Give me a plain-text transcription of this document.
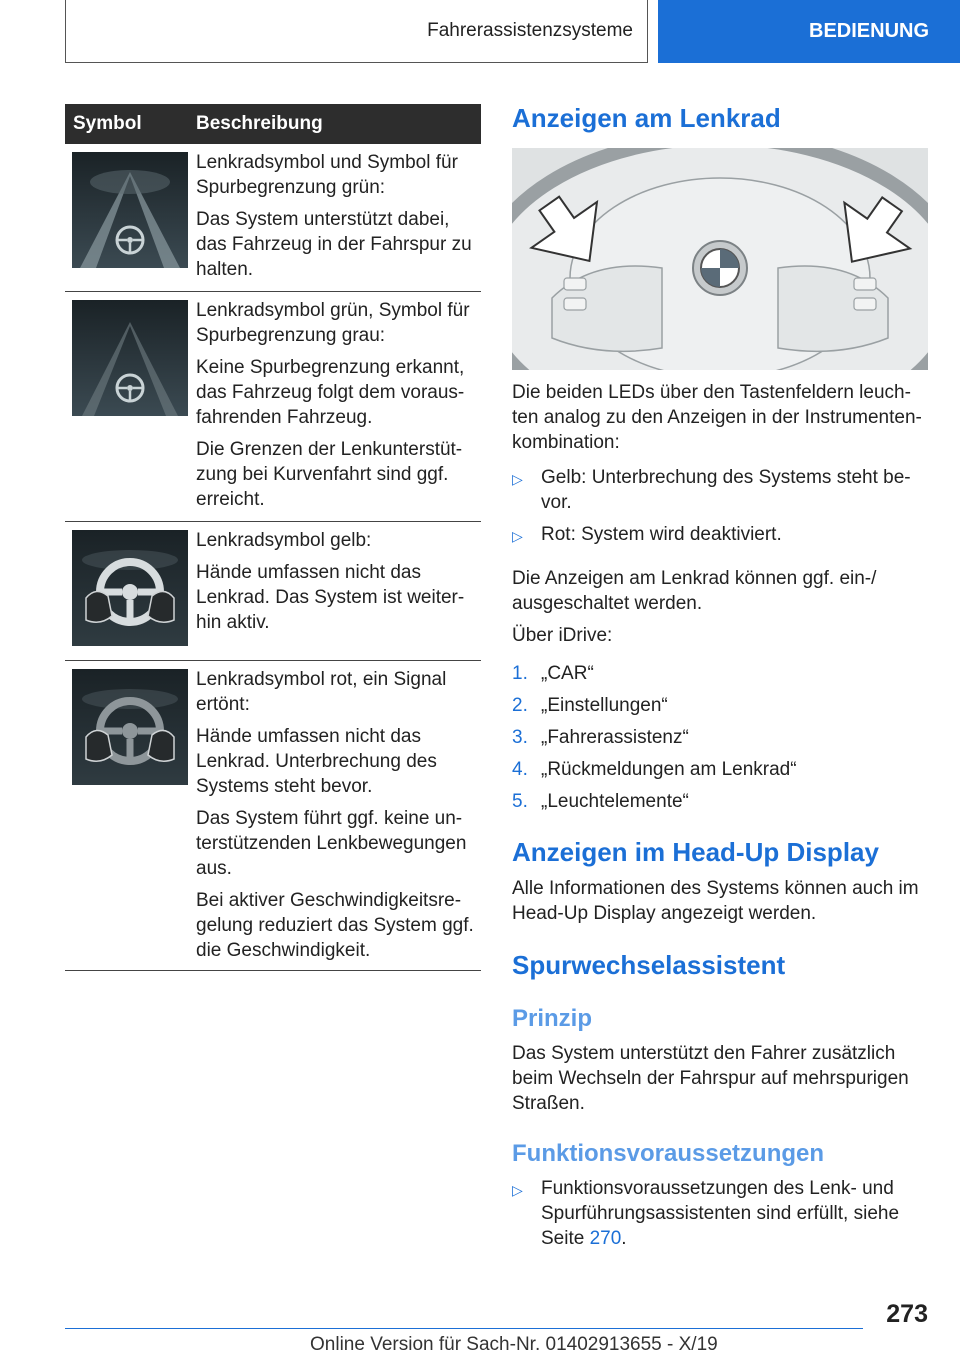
Fahrerassistenzsysteme	BEDIENUNG
Symbol	Beschreibung

Lenkradsymbol und Symbol für Spurbegrenzung grün:

Das System unterstützt dabei, das Fahrzeug in der Fahrspur zu halten.

Lenkradsymbol grün, Symbol für Spurbegrenzung grau:

Keine Spurbegrenzung erkannt, das Fahrzeug folgt dem voraus-fahrenden Fahrzeug.

Die Grenzen der Lenkunterstüt-zung bei Kurvenfahrt sind ggf. erreicht.

Lenkradsymbol gelb:

Hände umfassen nicht das Lenkrad. Das System ist weiter-hin aktiv.

Lenkradsymbol rot, ein Signal ertönt:

Hände umfassen nicht das Lenkrad. Unterbrechung des Systems steht bevor.

Das System führt ggf. keine un-terstützenden Lenkbewegungen aus.

Bei aktiver Geschwindigkeitsre-gelung reduziert das System ggf. die Geschwindigkeit.

Anzeigen am Lenkrad

Die beiden LEDs über den Tastenfeldern leuch-ten analog zu den Anzeigen in der Instrumenten-kombination:

▷ Gelb: Unterbrechung des Systems steht be-vor.
▷ Rot: System wird deaktiviert.

Die Anzeigen am Lenkrad können ggf. ein-/ ausgeschaltet werden.

Über iDrive:

1. „CAR“
2. „Einstellungen“
3. „Fahrerassistenz“
4. „Rückmeldungen am Lenkrad“
5. „Leuchtelemente“
Anzeigen im Head-Up Display

Alle Informationen des Systems können auch im Head-Up Display angezeigt werden.

Spurwechselassistent
Prinzip

Das System unterstützt den Fahrer zusätzlich beim Wechseln der Fahrspur auf mehrspurigen Straßen.

Funktionsvoraussetzungen
▷ Funktionsvoraussetzungen des Lenk- und Spurführungsassistenten sind erfüllt, siehe Seite 270.
273
Online Version für Sach-Nr. 01402913655 - X/19
